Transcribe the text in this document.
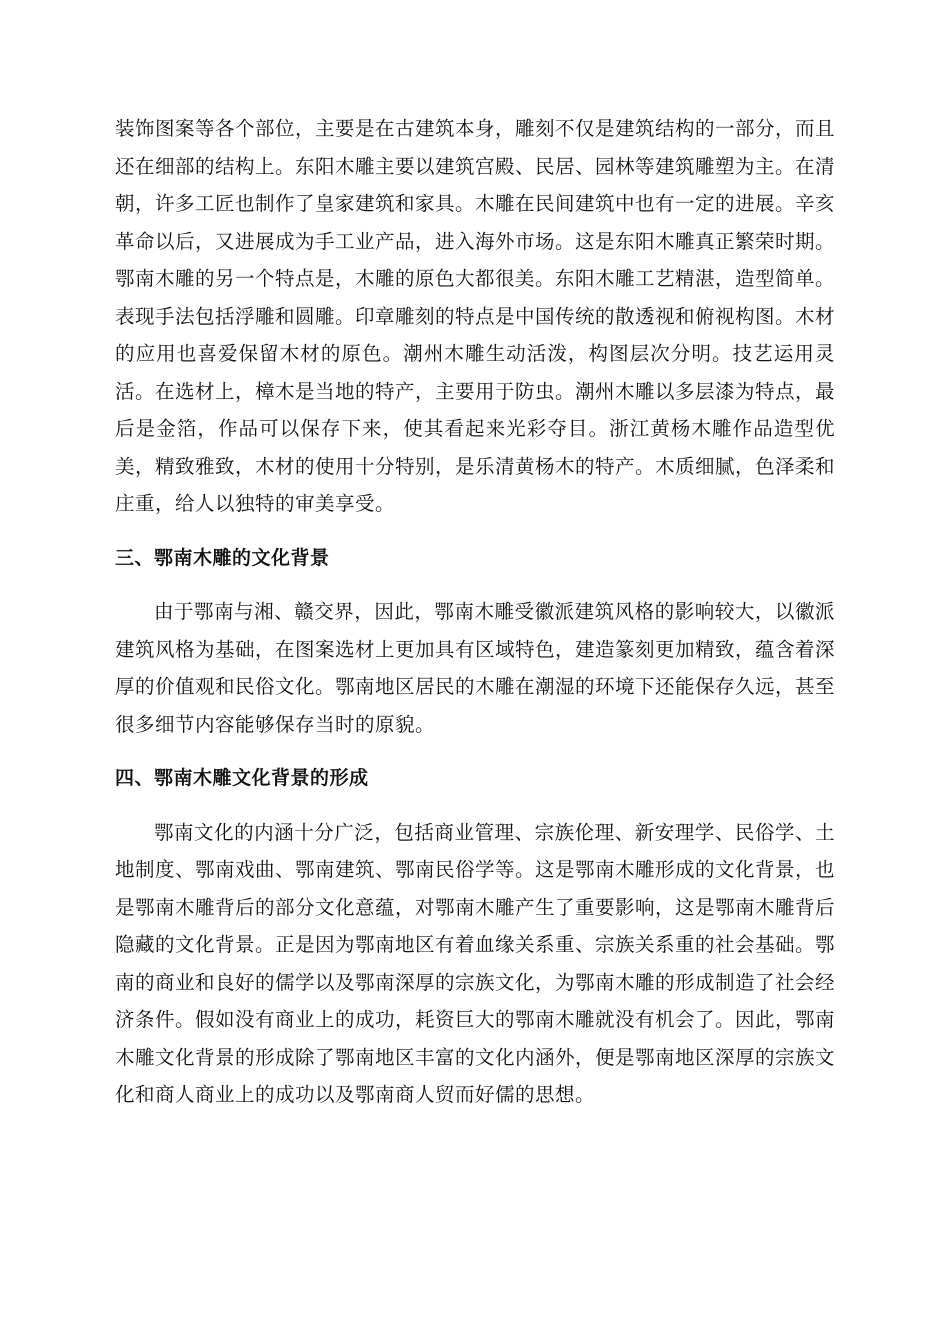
装饰图案等各个部位，主要是在古建筑本身，雕刻不仅是建筑结构的一部分，而且还在细部的结构上。东阳木雕主要以建筑宫殿、民居、园林等建筑雕塑为主。在清朝，许多工匠也制作了皇家建筑和家具。木雕在民间建筑中也有一定的进展。辛亥革命以后，又进展成为手工业产品，进入海外市场。这是东阳木雕真正繁荣时期。鄂南木雕的另一个特点是，木雕的原色大都很美。东阳木雕工艺精湛，造型简单。表现手法包括浮雕和圆雕。印章雕刻的特点是中国传统的散透视和俯视构图。木材的应用也喜爱保留木材的原色。潮州木雕生动活泼，构图层次分明。技艺运用灵活。在选材上，樟木是当地的特产，主要用于防虫。潮州木雕以多层漆为特点，最后是金箔，作品可以保存下来，使其看起来光彩夺目。浙江黄杨木雕作品造型优美，精致雅致，木材的使用十分特别，是乐清黄杨木的特产。木质细腻，色泽柔和庄重，给人以独特的审美享受。

三、鄂南木雕的文化背景

由于鄂南与湘、赣交界，因此，鄂南木雕受徽派建筑风格的影响较大，以徽派建筑风格为基础，在图案选材上更加具有区域特色，建造篆刻更加精致，蕴含着深厚的价值观和民俗文化。鄂南地区居民的木雕在潮湿的环境下还能保存久远，甚至很多细节内容能够保存当时的原貌。

四、鄂南木雕文化背景的形成

鄂南文化的内涵十分广泛，包括商业管理、宗族伦理、新安理学、民俗学、土地制度、鄂南戏曲、鄂南建筑、鄂南民俗学等。这是鄂南木雕形成的文化背景，也是鄂南木雕背后的部分文化意蕴，对鄂南木雕产生了重要影响，这是鄂南木雕背后隐藏的文化背景。正是因为鄂南地区有着血缘关系重、宗族关系重的社会基础。鄂南的商业和良好的儒学以及鄂南深厚的宗族文化，为鄂南木雕的形成制造了社会经济条件。假如没有商业上的成功，耗资巨大的鄂南木雕就没有机会了。因此，鄂南木雕文化背景的形成除了鄂南地区丰富的文化内涵外，便是鄂南地区深厚的宗族文化和商人商业上的成功以及鄂南商人贸而好儒的思想。
